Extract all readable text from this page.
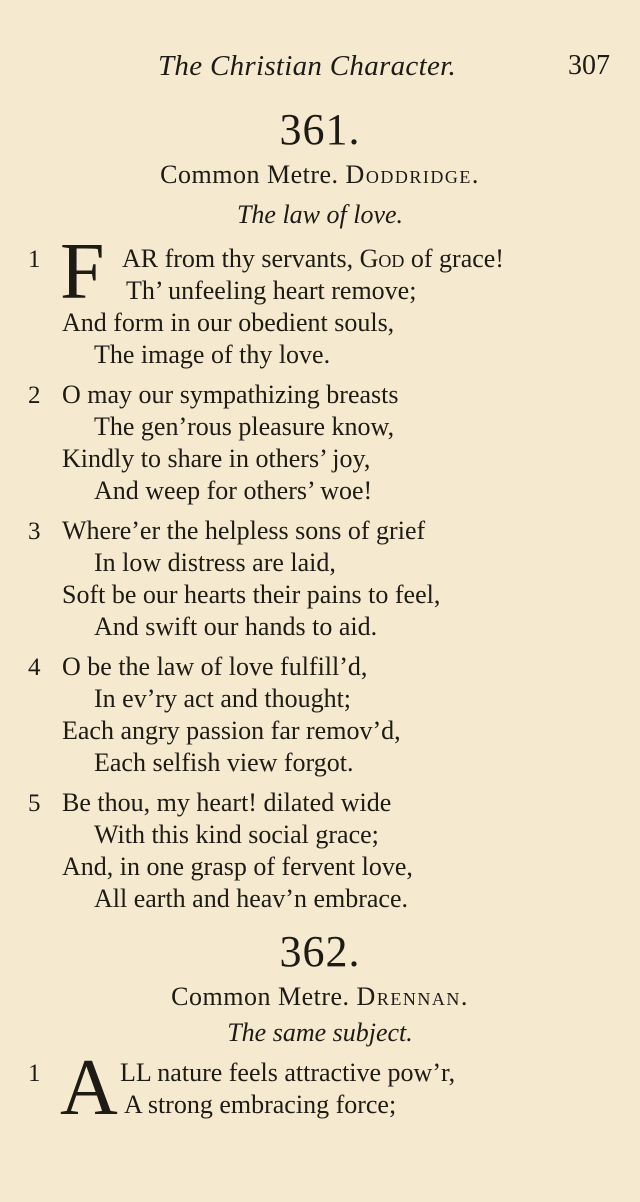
The Christian Character.	307
361.
Common Metre. Doddridge.
The law of love.
1 F AR from thy servants, God of grace!
Th’ unfeeling heart remove;
And form in our obedient souls,
The image of thy love.
2 O may our sympathizing breasts
The gen’rous pleasure know,
Kindly to share in others’ joy,
And weep for others’ woe!
3 Where’er the helpless sons of grief
In low distress are laid,
Soft be our hearts their pains to feel,
And swift our hands to aid.
4 O be the law of love fulfill’d,
In ev’ry act and thought;
Each angry passion far remov’d,
Each selfish view forgot.
5 Be thou, my heart! dilated wide
With this kind social grace;
And, in one grasp of fervent love,
All earth and heav’n embrace.
362.
Common Metre. Drennan.
The same subject.
1 A LL nature feels attractive pow’r,
A strong embracing force;
